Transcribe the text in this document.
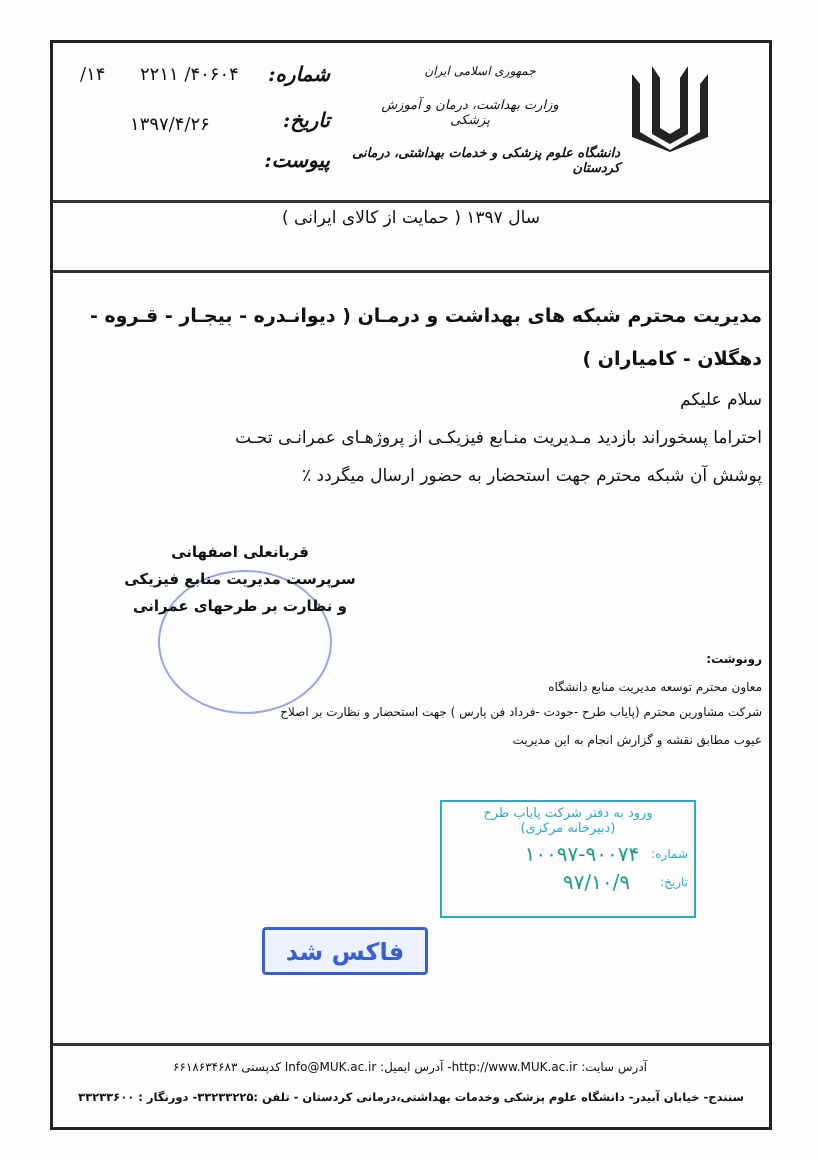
جمهوری اسلامی ایران
وزارت بهداشت، درمان و آموزش پزشکی
دانشگاه علوم پزشکی و خدمات بهداشتی، درمانی کردستان
شماره:
۲۲۱۱ /۴۰۶۰۴
/۱۴
تاریخ:
۱۳۹۷/۴/۲۶
پیوست:
سال ۱۳۹۷ ( حمایت از کالای ایرانی )
مدیریت محترم شبکه های بهداشت و درمـان ( دیوانـدره - بیجـار - قـروه -
دهگلان - کامیاران )
سلام علیکم
احتراما پسخوراند بازدید مـدیریت منـابع فیزیکـی از پروژهـای عمرانـی تحـت
پوشش آن شبکه محترم جهت استحضار به حضور ارسال میگردد ٪
قربانعلی اصفهانی
سرپرست مدیریت منابع فیزیکی
و نظارت بر طرحهای عمرانی
رونوشت:
معاون محترم توسعه مدیریت منابع دانشگاه
شرکت مشاورین محترم (پایاب طرح -جودت -فرداد فن پارس ) جهت استحضار و نظارت بر اصلاح
عیوب مطابق نقشه و گزارش انجام به این مدیریت
ورود به دفتر شرکت پایاب طرح
(دبیرخانه مرکزی)
شماره:
۱۰۰۹۷-۹۰۰۷۴
تاریخ:
۹۷/۱۰/۹
فاکس شد
آدرس سایت: http://www.MUK.ac.ir- آدرس ایمیل: Info@MUK.ac.ir کدپستی ۶۶۱۸۶۳۴۶۸۳
سنندج- خیابان آبیدر- دانشگاه علوم پزشکی وخدمات بهداشتی،درمانی کردستان - تلفن :۳۳۲۳۳۲۲۵- دورنگار : ۳۳۲۳۳۶۰۰
